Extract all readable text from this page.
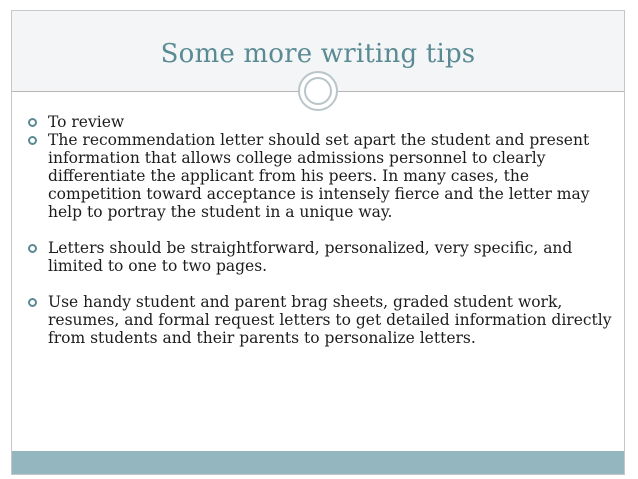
Some more writing tips

To review

The recommendation letter should set apart the student and present information that allows college admissions personnel to clearly differentiate the applicant from his peers. In many cases, the competition toward acceptance is intensely fierce and the letter may help to portray the student in a unique way.

Letters should be straightforward, personalized, very specific, and limited to one to two pages.

Use handy student and parent brag sheets, graded student work, resumes, and formal request letters to get detailed information directly from students and their parents to personalize letters.
